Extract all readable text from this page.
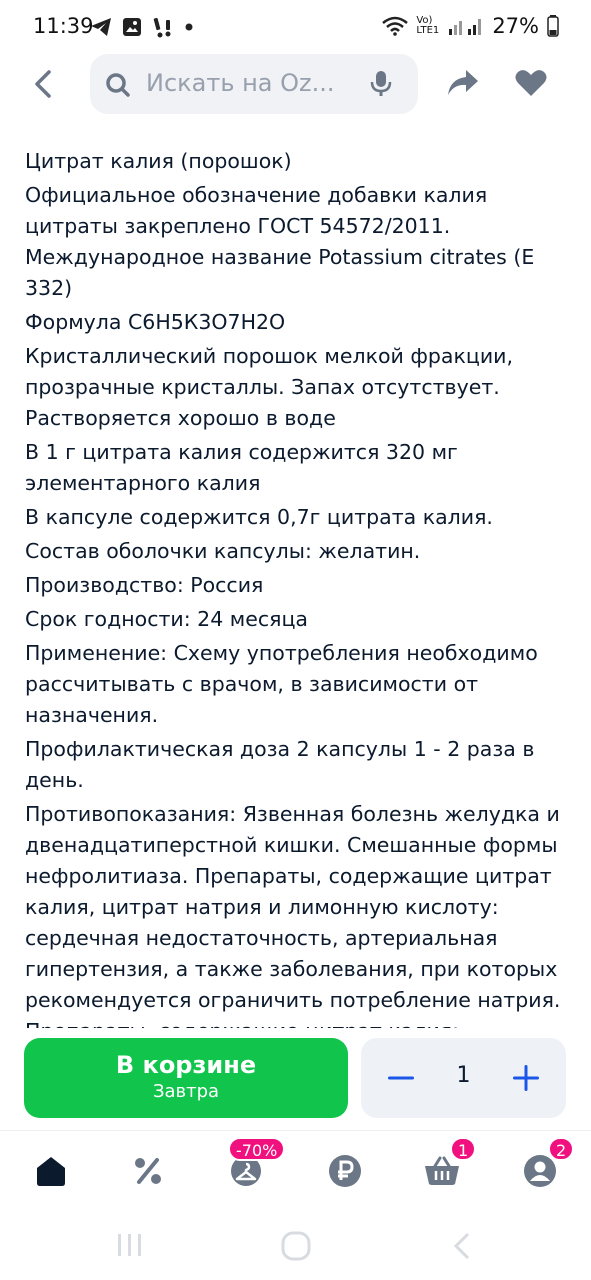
11:39	Vo) LTE1	27%
Искать на Oz...

Цитрат калия (порошок)

Официальное обозначение добавки калия цитраты закреплено ГОСТ 54572/2011. Международное название Potassium citrates (E 332)

Формула С6Н5К3О7Н2О

Кристаллический порошок мелкой фракции, прозрачные кристаллы. Запах отсутствует. Растворяется хорошо в воде

В 1 г цитрата калия содержится 320 мг элементарного калия

В капсуле содержится 0,7г цитрата калия.

Состав оболочки капсулы: желатин.

Производство: Россия

Срок годности: 24 месяца

Применение: Схему употребления необходимо рассчитывать с врачом, в зависимости от назначения.

Профилактическая доза 2 капсулы 1 - 2 раза в день.

Противопоказания: Язвенная болезнь желудка и двенадцатиперстной кишки. Смешанные формы нефролитиаза. Препараты, содержащие цитрат калия, цитрат натрия и лимонную кислоту: сердечная недостаточность, артериальная гипертензия, а также заболевания, при которых рекомендуется ограничить потребление натрия.

В корзине
Завтра
1
-70%	1	2
